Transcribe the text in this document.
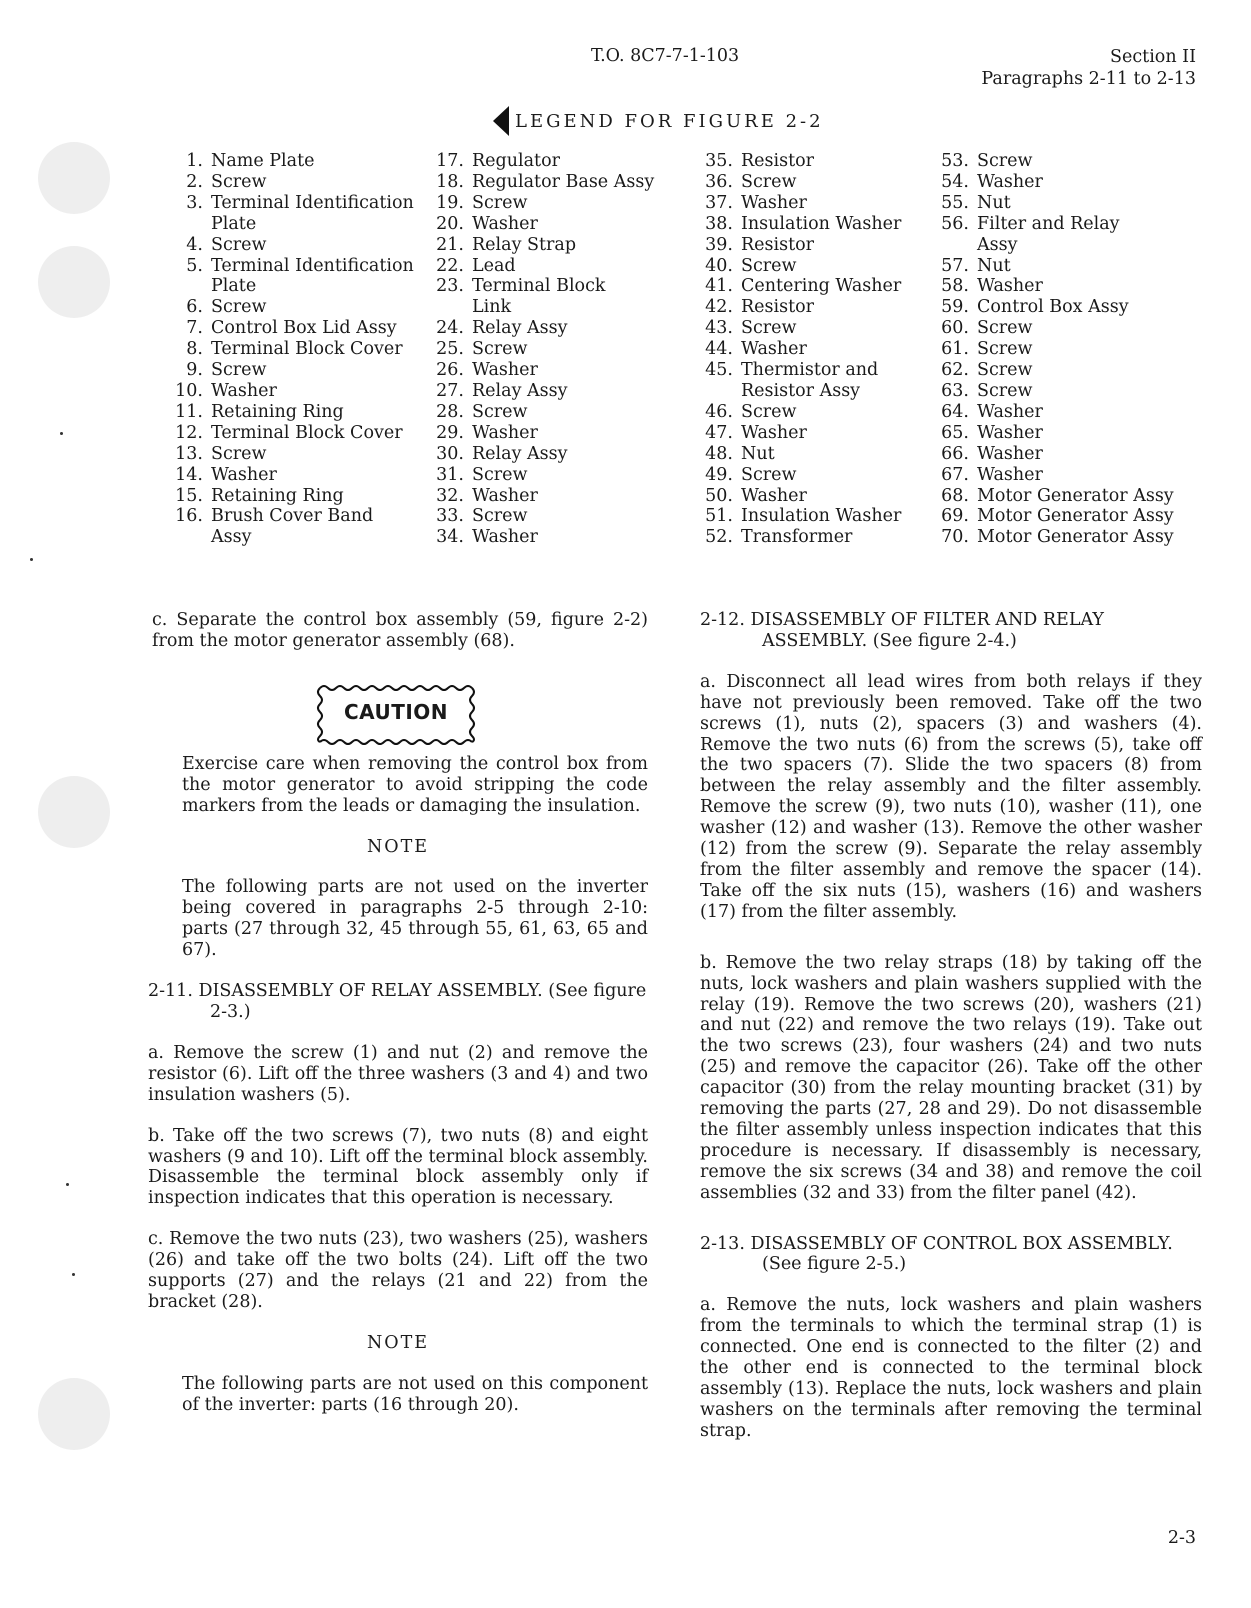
T.O. 8C7-7-1-103	Section II
Paragraphs 2-11 to 2-13
LEGEND FOR FIGURE 2-2
1. Name Plate
2. Screw
3. Terminal Identification
Plate
4. Screw
5. Terminal Identification
Plate
6. Screw
7. Control Box Lid Assy
8. Terminal Block Cover
9. Screw
10. Washer
11. Retaining Ring
12. Terminal Block Cover
13. Screw
14. Washer
15. Retaining Ring
16. Brush Cover Band
Assy
17. Regulator
18. Regulator Base Assy
19. Screw
20. Washer
21. Relay Strap
22. Lead
23. Terminal Block
Link
24. Relay Assy
25. Screw
26. Washer
27. Relay Assy
28. Screw
29. Washer
30. Relay Assy
31. Screw
32. Washer
33. Screw
34. Washer
35. Resistor
36. Screw
37. Washer
38. Insulation Washer
39. Resistor
40. Screw
41. Centering Washer
42. Resistor
43. Screw
44. Washer
45. Thermistor and
Resistor Assy
46. Screw
47. Washer
48. Nut
49. Screw
50. Washer
51. Insulation Washer
52. Transformer
53. Screw
54. Washer
55. Nut
56. Filter and Relay
Assy
57. Nut
58. Washer
59. Control Box Assy
60. Screw
61. Screw
62. Screw
63. Screw
64. Washer
65. Washer
66. Washer
67. Washer
68. Motor Generator Assy
69. Motor Generator Assy
70. Motor Generator Assy

c. Separate the control box assembly (59, figure 2-2) from the motor generator assembly (68).

CAUTION

Exercise care when removing the control box from the motor generator to avoid stripping the code markers from the leads or damaging the insulation.

NOTE

The following parts are not used on the inverter being covered in paragraphs 2-5 through 2-10: parts (27 through 32, 45 through 55, 61, 63, 65 and 67).

2-11. DISASSEMBLY OF RELAY ASSEMBLY. (See figure 2-3.)

a. Remove the screw (1) and nut (2) and remove the resistor (6). Lift off the three washers (3 and 4) and two insulation washers (5).

b. Take off the two screws (7), two nuts (8) and eight washers (9 and 10). Lift off the terminal block assembly. Disassemble the terminal block assembly only if inspection indicates that this operation is necessary.

c. Remove the two nuts (23), two washers (25), washers (26) and take off the two bolts (24). Lift off the two supports (27) and the relays (21 and 22) from the bracket (28).

NOTE

The following parts are not used on this component of the inverter: parts (16 through 20).

2-12. DISASSEMBLY OF FILTER AND RELAY ASSEMBLY. (See figure 2-4.)

a. Disconnect all lead wires from both relays if they have not previously been removed. Take off the two screws (1), nuts (2), spacers (3) and washers (4). Remove the two nuts (6) from the screws (5), take off the two spacers (7). Slide the two spacers (8) from between the relay assembly and the filter assembly. Remove the screw (9), two nuts (10), washer (11), one washer (12) and washer (13). Remove the other washer (12) from the screw (9). Separate the relay assembly from the filter assembly and remove the spacer (14). Take off the six nuts (15), washers (16) and washers (17) from the filter assembly.

b. Remove the two relay straps (18) by taking off the nuts, lock washers and plain washers supplied with the relay (19). Remove the two screws (20), washers (21) and nut (22) and remove the two relays (19). Take out the two screws (23), four washers (24) and two nuts (25) and remove the capacitor (26). Take off the other capacitor (30) from the relay mounting bracket (31) by removing the parts (27, 28 and 29). Do not disassemble the filter assembly unless inspection indicates that this procedure is necessary. If disassembly is necessary, remove the six screws (34 and 38) and remove the coil assemblies (32 and 33) from the filter panel (42).

2-13. DISASSEMBLY OF CONTROL BOX ASSEMBLY. (See figure 2-5.)

a. Remove the nuts, lock washers and plain washers from the terminals to which the terminal strap (1) is connected. One end is connected to the filter (2) and the other end is connected to the terminal block assembly (13). Replace the nuts, lock washers and plain washers on the terminals after removing the terminal strap.

2-3
